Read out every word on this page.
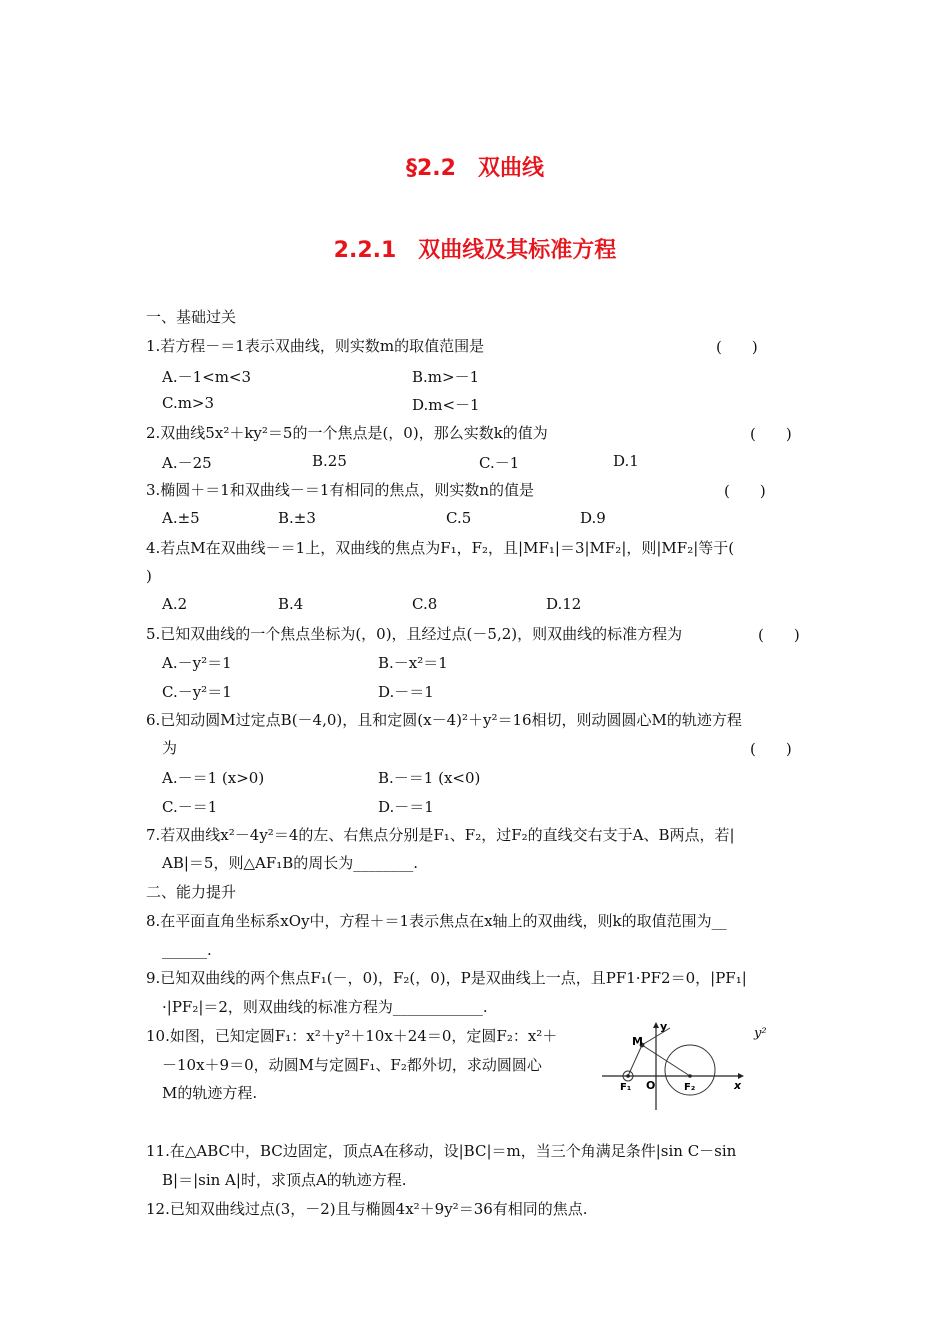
§2.2　双曲线
2.2.1　双曲线及其标准方程
一、基础过关
1.若方程－＝1表示双曲线，则实数m的取值范围是	(　　)
A.－1<m<3	B.m>－1
C.m>3	D.m<－1
2.双曲线5x²＋ky²＝5的一个焦点是(，0)，那么实数k的值为	(　　)
A.－25	B.25	C.－1	D.1
3.椭圆＋＝1和双曲线－＝1有相同的焦点，则实数n的值是	(　　)
A.±5	B.±3	C.5	D.9
4.若点M在双曲线－＝1上，双曲线的焦点为F₁，F₂，且|MF₁|＝3|MF₂|，则|MF₂|等于(
)
A.2	B.4	C.8	D.12
5.已知双曲线的一个焦点坐标为(，0)，且经过点(－5,2)，则双曲线的标准方程为	(　　)
A.－y²＝1	B.－x²＝1
C.－y²＝1	D.－＝1
6.已知动圆M过定点B(－4,0)，且和定圆(x－4)²＋y²＝16相切，则动圆圆心M的轨迹方程
为	(　　)
A.－＝1 (x>0)	B.－＝1 (x<0)
C.－＝1	D.－＝1
7.若双曲线x²－4y²＝4的左、右焦点分别是F₁、F₂，过F₂的直线交右支于A、B两点，若|
AB|＝5，则△AF₁B的周长为________.
二、能力提升
8.在平面直角坐标系xOy中，方程＋＝1表示焦点在x轴上的双曲线，则k的取值范围为__
______.
9.已知双曲线的两个焦点F₁(－，0)，F₂(，0)，P是双曲线上一点，且PF1·PF2＝0，|PF₁|
·|PF₂|＝2，则双曲线的标准方程为____________.
10.如图，已知定圆F₁：x²＋y²＋10x＋24＝0，定圆F₂：x²＋
－10x＋9＝0，动圆M与定圆F₁、F₂都外切，求动圆圆心
M的轨迹方程.
y²
y
x
M
O
F₁	F₂
11.在△ABC中，BC边固定，顶点A在移动，设|BC|＝m，当三个角满足条件|sin C－sin
B|＝|sin A|时，求顶点A的轨迹方程.
12.已知双曲线过点(3，－2)且与椭圆4x²＋9y²＝36有相同的焦点.
